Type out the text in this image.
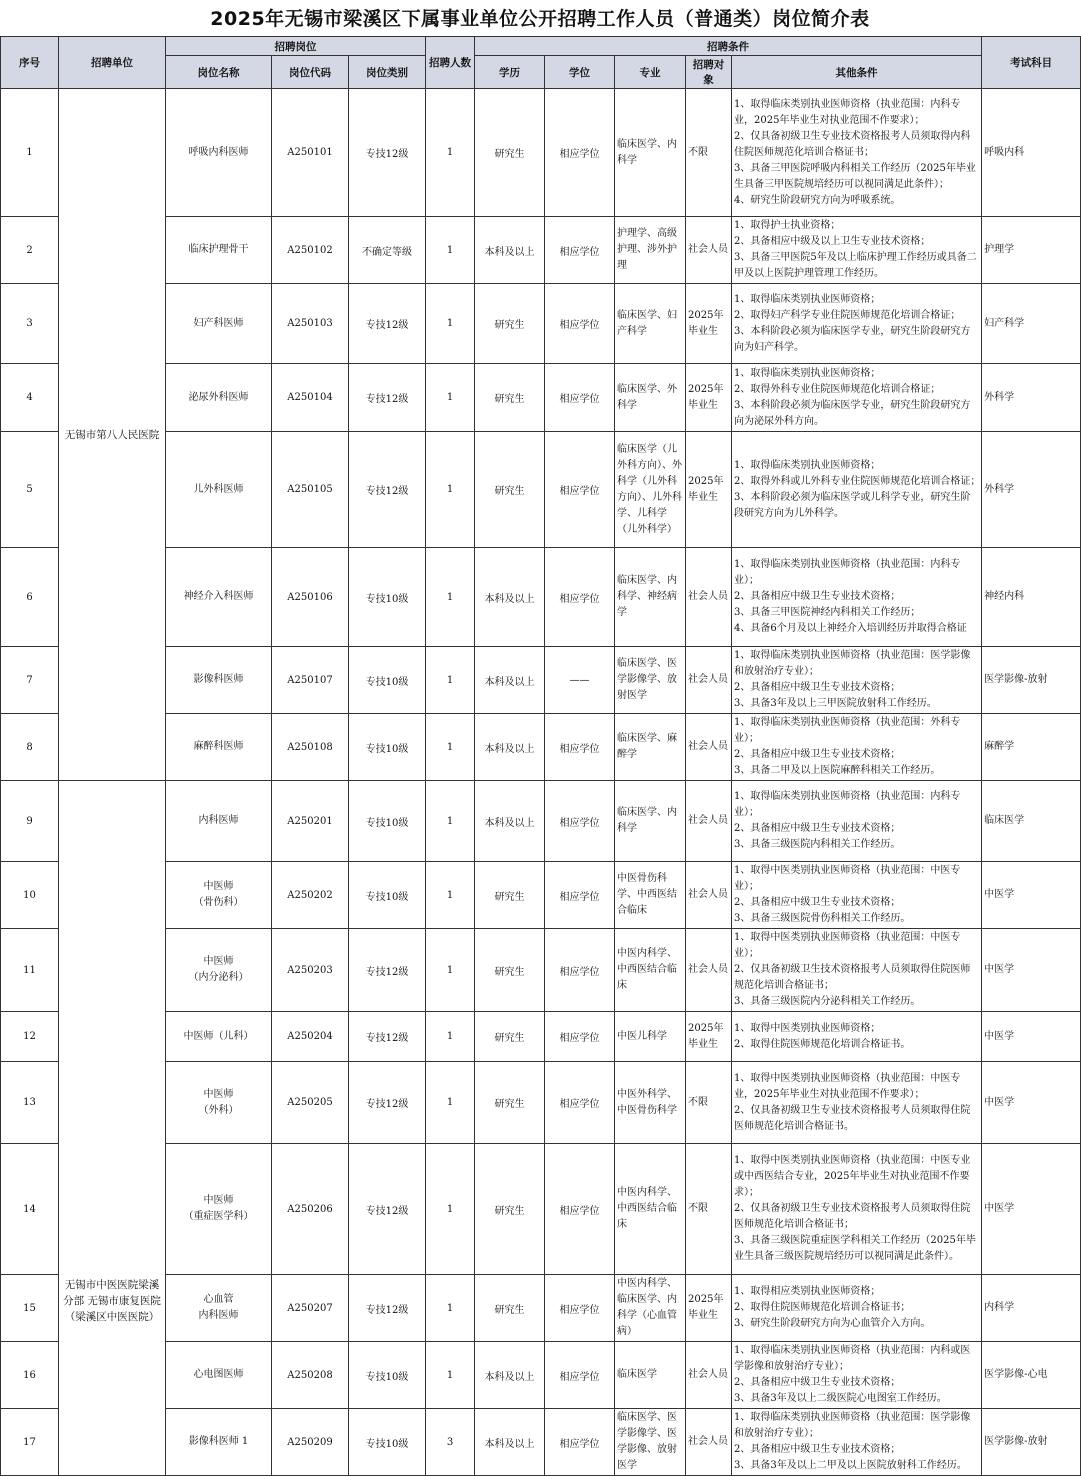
2025年无锡市梁溪区下属事业单位公开招聘工作人员（普通类）岗位简介表
序号	招聘单位	招聘岗位			招聘人数	招聘条件					考试科目
		岗位名称	岗位代码	岗位类别		学历	学位	专业	招聘对象	其他条件	
1	无锡市第八人民医院	呼吸内科医师	A250101	专技12级	1	研究生	相应学位	临床医学、内科学	不限	1、取得临床类别执业医师资格（执业范围：内科专业，2025年毕业生对执业范围不作要求）；
2、仅具备初级卫生专业技术资格报考人员须取得内科住院医师规范化培训合格证书；
3、具备三甲医院呼吸内科相关工作经历（2025年毕业生具备三甲医院规培经历可以视同满足此条件）；
4、研究生阶段研究方向为呼吸系统。	呼吸内科
2		临床护理骨干	A250102	不确定等级	1	本科及以上	相应学位	护理学、高级护理、涉外护理	社会人员	1、取得护士执业资格；
2、具备相应中级及以上卫生专业技术资格；
3、具备三甲医院5年及以上临床护理工作经历或具备二甲及以上医院护理管理工作经历。	护理学
3		妇产科医师	A250103	专技12级	1	研究生	相应学位	临床医学、妇产科学	2025年毕业生	1、取得临床类别执业医师资格；
2、取得妇产科学专业住院医师规范化培训合格证；
3、本科阶段必须为临床医学专业，研究生阶段研究方向为妇产科学。	妇产科学
4		泌尿外科医师	A250104	专技12级	1	研究生	相应学位	临床医学、外科学	2025年毕业生	1、取得临床类别执业医师资格；
2、取得外科专业住院医师规范化培训合格证；
3、本科阶段必须为临床医学专业，研究生阶段研究方向为泌尿外科方向。	外科学
5		儿外科医师	A250105	专技12级	1	研究生	相应学位	临床医学（儿外科方向）、外科学（儿外科方向）、儿外科学、儿科学（儿外科学）	2025年毕业生	1、取得临床类别执业医师资格；
2、取得外科或儿外科专业住院医师规范化培训合格证；　　3、本科阶段必须为临床医学或儿科学专业，研究生阶段研究方向为儿外科学。	外科学
6		神经介入科医师	A250106	专技10级	1	本科及以上	相应学位	临床医学、内科学、神经病学	社会人员	1、取得临床类别执业医师资格（执业范围：内科专业）；
2、具备相应中级卫生专业技术资格；
3、具备三甲医院神经内科相关工作经历；
4、具备6个月及以上神经介入培训经历并取得合格证	神经内科
7		影像科医师	A250107	专技10级	1	本科及以上	——	临床医学、医学影像学、放射医学	社会人员	1、取得临床类别执业医师资格（执业范围：医学影像和放射治疗专业）；
2、具备相应中级卫生专业技术资格；
3、具备3年及以上三甲医院放射科工作经历。	医学影像-放射
8		麻醉科医师	A250108	专技10级	1	本科及以上	相应学位	临床医学、麻醉学	社会人员	1、取得临床类别执业医师资格（执业范围：外科专业）；
2、具备相应中级卫生专业技术资格；
3、具备二甲及以上医院麻醉科相关工作经历。	麻醉学
9	无锡市中医医院梁溪分部 无锡市康复医院（梁溪区中医医院）	内科医师	A250201	专技10级	1	本科及以上	相应学位	临床医学、内科学	社会人员	1、取得临床类别执业医师资格（执业范围：内科专业）；
2、具备相应中级卫生专业技术资格；
3、具备三级医院内科相关工作经历。	临床医学
10		中医师
（骨伤科）	A250202	专技10级	1	研究生	相应学位	中医骨伤科学、中西医结合临床	社会人员	1、取得中医类别执业医师资格（执业范围：中医专业）；
2、具备相应中级卫生专业技术资格；
3、具备三级医院骨伤科相关工作经历。	中医学
11		中医师
（内分泌科）	A250203	专技12级	1	研究生	相应学位	中医内科学、中西医结合临床	社会人员	1、取得中医类别执业医师资格（执业范围：中医专业）；
2、仅具备初级卫生技术资格报考人员须取得住院医师规范化培训合格证书；
3、具备三级医院内分泌科相关工作经历。	中医学
12		中医师（儿科）	A250204	专技12级	1	研究生	相应学位	中医儿科学	2025年毕业生	1、取得中医类别执业医师资格；
2、取得住院医师规范化培训合格证书。	中医学
13		中医师
（外科）	A250205	专技12级	1	研究生	相应学位	中医外科学、中医骨伤科学	不限	1、取得中医类别执业医师资格（执业范围：中医专业，2025年毕业生对执业范围不作要求）；
2、仅具备初级卫生专业技术资格报考人员须取得住院医师规范化培训合格证书。	中医学
14		中医师
（重症医学科）	A250206	专技12级	1	研究生	相应学位	中医内科学、中西医结合临床	不限	1、取得中医类别执业医师资格（执业范围：中医专业或中西医结合专业，2025年毕业生对执业范围不作要求）；
2、仅具备初级卫生专业技术资格报考人员须取得住院医师规范化培训合格证书；
3、具备三级医院重症医学科相关工作经历（2025年毕业生具备三级医院规培经历可以视同满足此条件）。	中医学
15		心血管
内科医师	A250207	专技12级	1	研究生	相应学位	中医内科学、临床医学、内科学（心血管病）	2025年毕业生	1、取得相应类别执业医师资格；
2、取得住院医师规范化培训合格证书；
3、研究生阶段研究方向为心血管介入方向。	内科学
16		心电图医师	A250208	专技10级	1	本科及以上	相应学位	临床医学	社会人员	1、取得临床类别执业医师资格（执业范围：内科或医学影像和放射治疗专业）；
2、具备相应中级卫生专业技术资格；
3、具备3年及以上二级医院心电图室工作经历。	医学影像-心电
17		影像科医师 1	A250209	专技10级	3	本科及以上	相应学位	临床医学、医学影像学、医学影像、放射医学	社会人员	1、取得临床类别执业医师资格（执业范围：医学影像和放射治疗专业）；
2、具备相应中级卫生专业技术资格；
3、具备3年及以上二甲及以上医院放射科工作经历。	医学影像-放射
